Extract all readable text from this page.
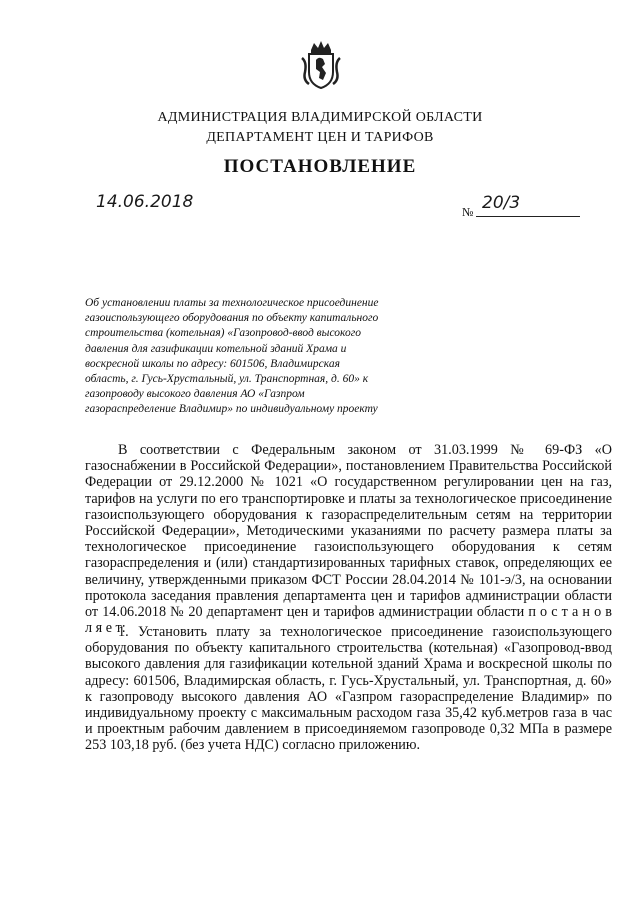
АДМИНИСТРАЦИЯ ВЛАДИМИРСКОЙ ОБЛАСТИ
ДЕПАРТАМЕНТ ЦЕН И ТАРИФОВ
ПОСТАНОВЛЕНИЕ
14.06.2018	№ 20/3
Об установлении платы за технологическое присоединение газоиспользующего оборудования по объекту капитального строительства (котельная) «Газопровод-ввод высокого давления для газификации котельной зданий Храма и воскресной школы по адресу: 601506, Владимирская область, г. Гусь-Хрустальный, ул. Транспортная, д. 60» к газопроводу высокого давления АО «Газпром газораспределение Владимир» по индивидуальному проекту
В соответствии с Федеральным законом от 31.03.1999 № 69-ФЗ «О газоснабжении в Российской Федерации», постановлением Правительства Российской Федерации от 29.12.2000 № 1021 «О государственном регулировании цен на газ, тарифов на услуги по его транспортировке и платы за технологическое присоединение газоиспользующего оборудования к газораспределительным сетям на территории Российской Федерации», Методическими указаниями по расчету размера платы за технологическое присоединение газоиспользующего оборудования к сетям газораспределения и (или) стандартизированных тарифных ставок, определяющих ее величину, утвержденными приказом ФСТ России 28.04.2014 № 101-э/3, на основании протокола заседания правления департамента цен и тарифов администрации области от 14.06.2018 № 20 департамент цен и тарифов администрации области п о с т а н о в л я е т:
1. Установить плату за технологическое присоединение газоиспользующего оборудования по объекту капитального строительства (котельная) «Газопровод-ввод высокого давления для газификации котельной зданий Храма и воскресной школы по адресу: 601506, Владимирская область, г. Гусь-Хрустальный, ул. Транспортная, д. 60» к газопроводу высокого давления АО «Газпром газораспределение Владимир» по индивидуальному проекту с максимальным расходом газа 35,42 куб.метров газа в час и проектным рабочим давлением в присоединяемом газопроводе 0,32 МПа в размере 253 103,18 руб. (без учета НДС) согласно приложению.
